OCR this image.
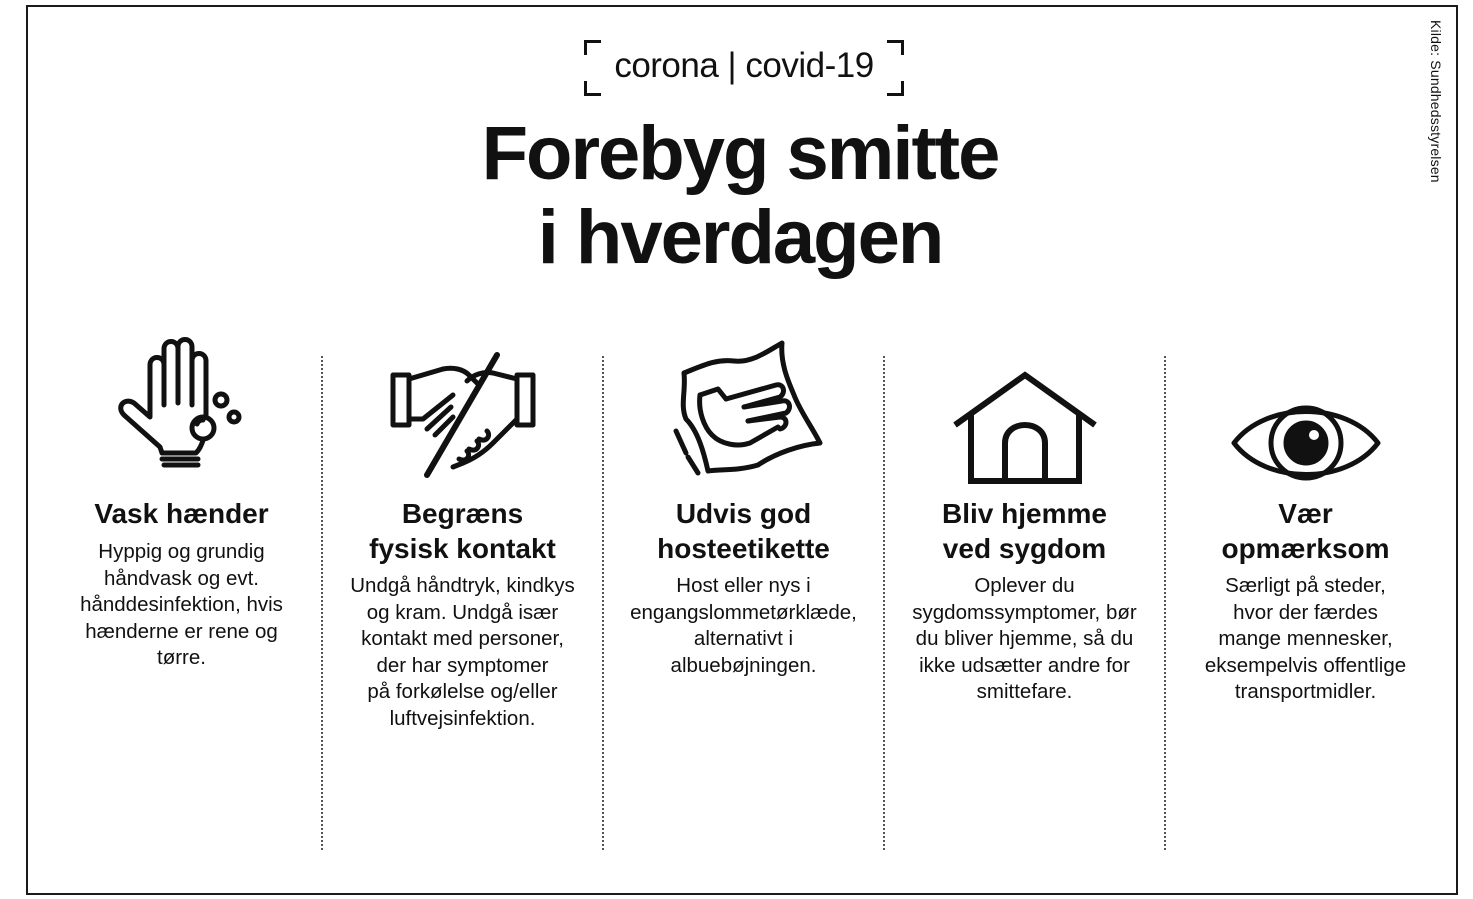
Kilde: Sundhedsstyrelsen
corona | covid-19
Forebyg smitte
i hverdagen
Vask hænder

Hyppig og grundig
håndvask og evt.
hånddesinfektion, hvis
hænderne er rene og
tørre.

Begræns
fysisk kontakt

Undgå håndtryk, kindkys
og kram. Undgå især
kontakt med personer,
der har symptomer
på forkølelse og/eller
luftvejsinfektion.

Udvis god
hosteetikette

Host eller nys i
engangslommetørklæde,
alternativt i
albuebøjningen.

Bliv hjemme
ved sygdom

Oplever du
sygdomssymptomer, bør
du bliver hjemme, så du
ikke udsætter andre for
smittefare.

Vær
opmærksom

Særligt på steder,
hvor der færdes
mange mennesker,
eksempelvis offentlige
transportmidler.
